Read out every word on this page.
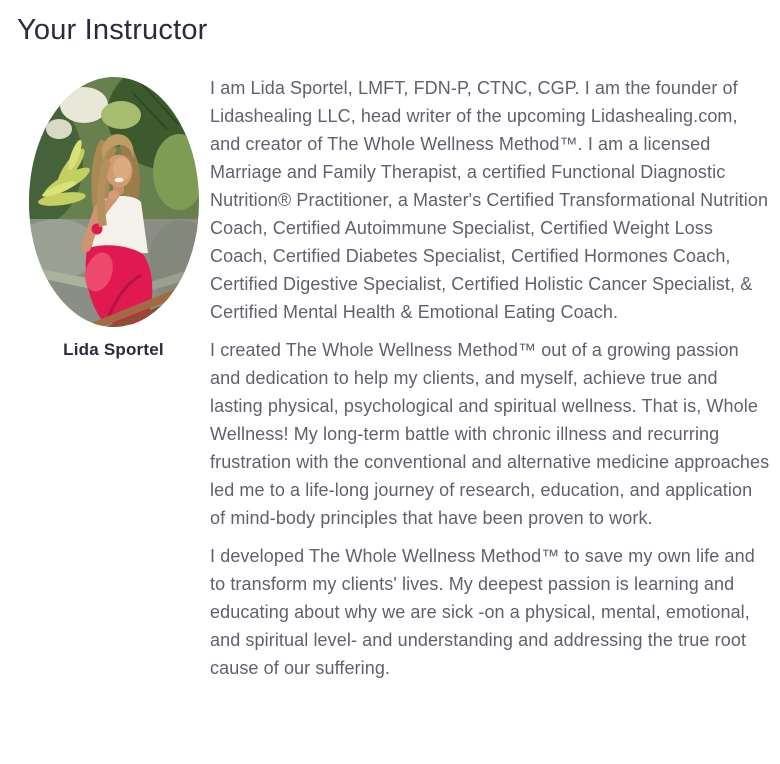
Your Instructor
Lida Sportel

I am Lida Sportel, LMFT, FDN-P, CTNC, CGP. I am the founder of Lidashealing LLC, head writer of the upcoming Lidashealing.com, and creator of The Whole Wellness Method™. I am a licensed Marriage and Family Therapist, a certified Functional Diagnostic Nutrition® Practitioner, a Master's Certified Transformational Nutrition Coach, Certified Autoimmune Specialist, Certified Weight Loss Coach, Certified Diabetes Specialist, Certified Hormones Coach, Certified Digestive Specialist, Certified Holistic Cancer Specialist, & Certified Mental Health & Emotional Eating Coach.

I created The Whole Wellness Method™ out of a growing passion and dedication to help my clients, and myself, achieve true and lasting physical, psychological and spiritual wellness. That is, Whole Wellness! My long-term battle with chronic illness and recurring frustration with the conventional and alternative medicine approaches led me to a life-long journey of research, education, and application of mind-body principles that have been proven to work.

I developed The Whole Wellness Method™ to save my own life and to transform my clients' lives. My deepest passion is learning and educating about why we are sick -on a physical, mental, emotional, and spiritual level- and understanding and addressing the true root cause of our suffering.
